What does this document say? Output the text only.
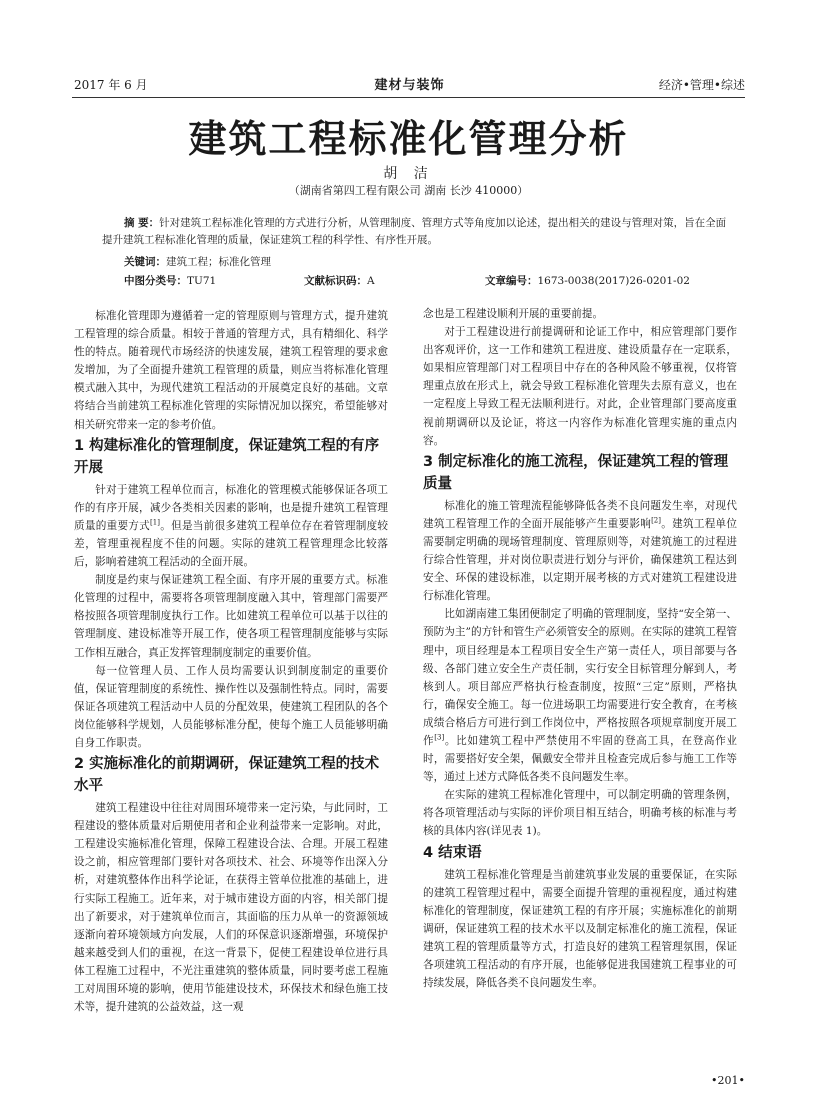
2017 年 6 月	建材与装饰	经济•管理•综述
建筑工程标准化管理分析
胡 洁
（湖南省第四工程有限公司 湖南 长沙 410000）
摘 要：针对建筑工程标准化管理的方式进行分析，从管理制度、管理方式等角度加以论述，提出相关的建设与管理对策，旨在全面提升建筑工程标准化管理的质量，保证建筑工程的科学性、有序性开展。
关键词：建筑工程；标准化管理
中图分类号：TU71	文献标识码：A	文章编号：1673-0038(2017)26-0201-02

标准化管理即为遵循着一定的管理原则与管理方式，提升建筑工程管理的综合质量。相较于普通的管理方式，具有精细化、科学性的特点。随着现代市场经济的快速发展，建筑工程管理的要求愈发增加，为了全面提升建筑工程管理的质量，则应当将标准化管理模式融入其中，为现代建筑工程活动的开展奠定良好的基础。文章将结合当前建筑工程标准化管理的实际情况加以探究，希望能够对相关研究带来一定的参考价值。

1 构建标准化的管理制度，保证建筑工程的有序开展

针对于建筑工程单位而言，标准化的管理模式能够保证各项工作的有序开展，减少各类相关因素的影响，也是提升建筑工程管理质量的重要方式[1]。但是当前很多建筑工程单位存在着管理制度较差，管理重视程度不佳的问题。实际的建筑工程管理理念比较落后，影响着建筑工程活动的全面开展。

制度是约束与保证建筑工程全面、有序开展的重要方式。标准化管理的过程中，需要将各项管理制度融入其中，管理部门需要严格按照各项管理制度执行工作。比如建筑工程单位可以基于以往的管理制度、建设标准等开展工作，使各项工程管理制度能够与实际工作相互融合，真正发挥管理制度制定的重要价值。

每一位管理人员、工作人员均需要认识到制度制定的重要价值，保证管理制度的系统性、操作性以及强制性特点。同时，需要保证各项建筑工程活动中人员的分配效果，使建筑工程团队的各个岗位能够科学规划，人员能够标准分配，使每个施工人员能够明确自身工作职责。

2 实施标准化的前期调研，保证建筑工程的技术水平

建筑工程建设中往往对周围环境带来一定污染，与此同时，工程建设的整体质量对后期使用者和企业利益带来一定影响。对此，工程建设实施标准化管理，保障工程建设合法、合理。开展工程建设之前，相应管理部门要针对各项技术、社会、环境等作出深入分析，对建筑整体作出科学论证，在获得主管单位批准的基础上，进行实际工程施工。近年来，对于城市建设方面的内容，相关部门提出了新要求，对于建筑单位而言，其面临的压力从单一的资源领域逐渐向着环境领域方向发展，人们的环保意识逐渐增强，环境保护越来越受到人们的重视，在这一背景下，促使工程建设单位进行具体工程施工过程中，不光注重建筑的整体质量，同时要考虑工程施工对周围环境的影响，使用节能建设技术，环保技术和绿色施工技术等，提升建筑的公益效益，这一观

念也是工程建设顺利开展的重要前提。

对于工程建设进行前提调研和论证工作中，相应管理部门要作出客观评价，这一工作和建筑工程进度、建设质量存在一定联系，如果相应管理部门对工程项目中存在的各种风险不够重视，仅将管理重点放在形式上，就会导致工程标准化管理失去原有意义，也在一定程度上导致工程无法顺利进行。对此，企业管理部门要高度重视前期调研以及论证，将这一内容作为标准化管理实施的重点内容。

3 制定标准化的施工流程，保证建筑工程的管理质量

标准化的施工管理流程能够降低各类不良问题发生率，对现代建筑工程管理工作的全面开展能够产生重要影响[2]。建筑工程单位需要制定明确的现场管理制度、管理原则等，对建筑施工的过程进行综合性管理，并对岗位职责进行划分与评价，确保建筑工程达到安全、环保的建设标准，以定期开展考核的方式对建筑工程建设进行标准化管理。

比如湖南建工集团便制定了明确的管理制度，坚持“安全第一、预防为主”的方针和管生产必须管安全的原则。在实际的建筑工程管理中，项目经理是本工程项目安全生产第一责任人，项目部要与各级、各部门建立安全生产责任制，实行安全目标管理分解到人，考核到人。项目部应严格执行检查制度，按照“三定”原则，严格执行，确保安全施工。每一位进场职工均需要进行安全教育，在考核成绩合格后方可进行到工作岗位中，严格按照各项规章制度开展工作[3]。比如建筑工程中严禁使用不牢固的登高工具，在登高作业时，需要搭好安全架，佩戴安全带并且检查完成后参与施工工作等等，通过上述方式降低各类不良问题发生率。

在实际的建筑工程标准化管理中，可以制定明确的管理条例，将各项管理活动与实际的评价项目相互结合，明确考核的标准与考核的具体内容(详见表 1)。

4 结束语

建筑工程标准化管理是当前建筑事业发展的重要保证，在实际的建筑工程管理过程中，需要全面提升管理的重视程度，通过构建标准化的管理制度，保证建筑工程的有序开展；实施标准化的前期调研，保证建筑工程的技术水平以及制定标准化的施工流程，保证建筑工程的管理质量等方式，打造良好的建筑工程管理氛围，保证各项建筑工程活动的有序开展，也能够促进我国建筑工程事业的可持续发展，降低各类不良问题发生率。

•201•
